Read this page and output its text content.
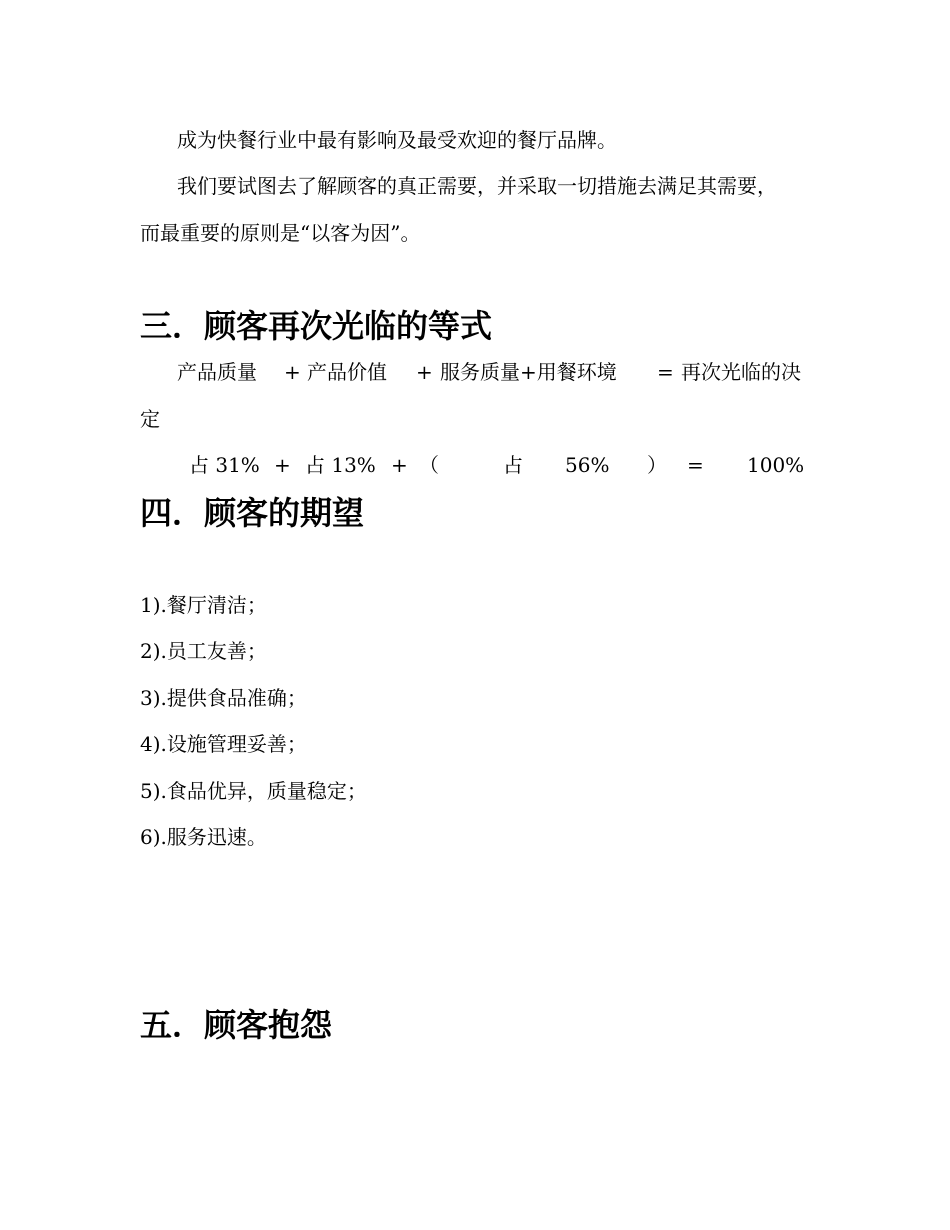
成为快餐行业中最有影响及最受欢迎的餐厅品牌。
我们要试图去了解顾客的真正需要，并采取一切措施去满足其需要，
而最重要的原则是“以客为因”。
三．顾客再次光临的等式
产品质量 + 产品价值 + 服务质量+用餐环境 = 再次光临的决
定
占 31% + 占 13% + （	占 56% ） = 100%
四．顾客的期望
1).餐厅清洁；
2).员工友善；
3).提供食品准确；
4).设施管理妥善；
5).食品优异，质量稳定；
6).服务迅速。
五．顾客抱怨
